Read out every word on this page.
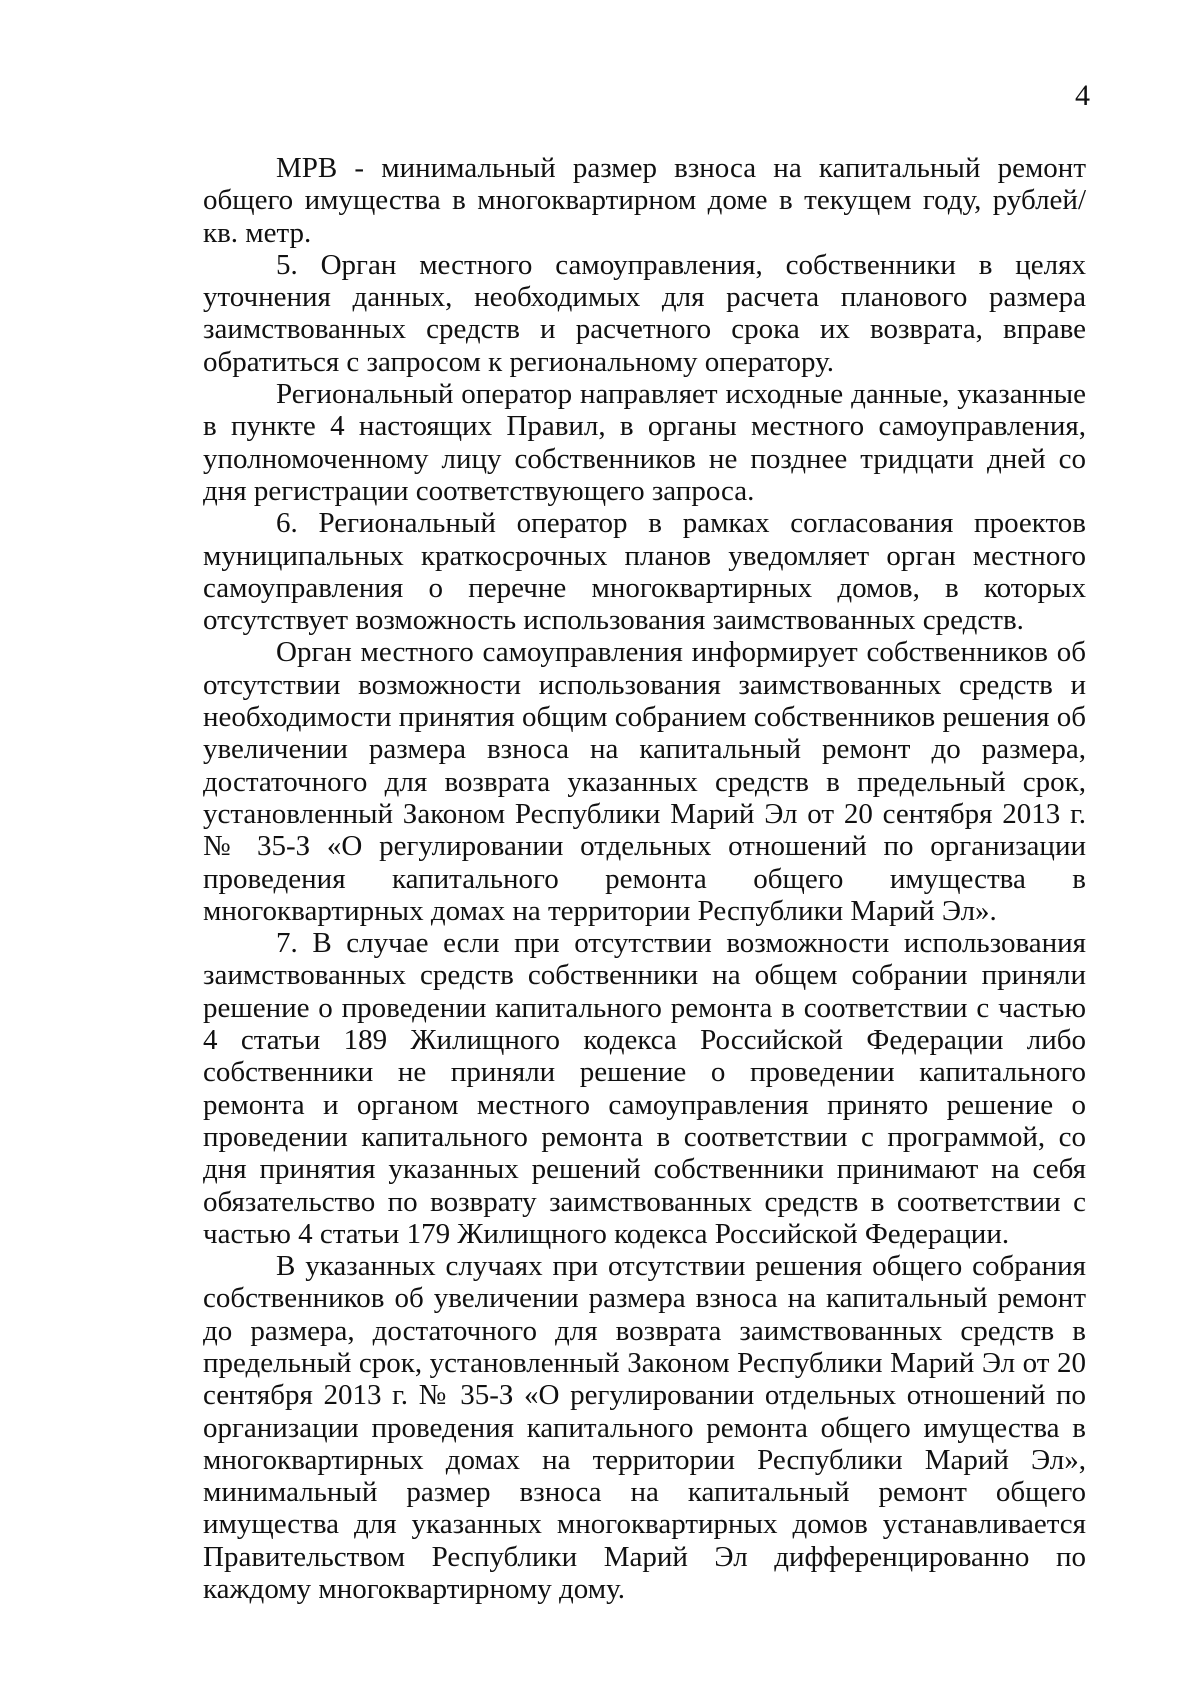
4

МРВ - минимальный размер взноса на капитальный ремонт общего имущества в многоквартирном доме в текущем году, рублей/кв. метр.

5. Орган местного самоуправления, собственники в целях уточнения данных, необходимых для расчета планового размера заимствованных средств и расчетного срока их возврата, вправе обратиться с запросом к региональному оператору.

Региональный оператор направляет исходные данные, указанные в пункте 4 настоящих Правил, в органы местного самоуправления, уполномоченному лицу собственников не позднее тридцати дней со дня регистрации соответствующего запроса.

6. Региональный оператор в рамках согласования проектов муниципальных краткосрочных планов уведомляет орган местного самоуправления о перечне многоквартирных домов, в которых отсутствует возможность использования заимствованных средств.

Орган местного самоуправления информирует собственников об отсутствии возможности использования заимствованных средств и необходимости принятия общим собранием собственников решения об увеличении размера взноса на капитальный ремонт до размера, достаточного для возврата указанных средств в предельный срок, установленный Законом Республики Марий Эл от 20 сентября 2013 г. № 35-З «О регулировании отдельных отношений по организации проведения капитального ремонта общего имущества в многоквартирных домах на территории Республики Марий Эл».

7. В случае если при отсутствии возможности использования заимствованных средств собственники на общем собрании приняли решение о проведении капитального ремонта в соответствии с частью 4 статьи 189 Жилищного кодекса Российской Федерации либо собственники не приняли решение о проведении капитального ремонта и органом местного самоуправления принято решение о проведении капитального ремонта в соответствии с программой, со дня принятия указанных решений собственники принимают на себя обязательство по возврату заимствованных средств в соответствии с частью 4 статьи 179 Жилищного кодекса Российской Федерации.

В указанных случаях при отсутствии решения общего собрания собственников об увеличении размера взноса на капитальный ремонт до размера, достаточного для возврата заимствованных средств в предельный срок, установленный Законом Республики Марий Эл от 20 сентября 2013 г. № 35-З «О регулировании отдельных отношений по организации проведения капитального ремонта общего имущества в многоквартирных домах на территории Республики Марий Эл», минимальный размер взноса на капитальный ремонт общего имущества для указанных многоквартирных домов устанавливается Правительством Республики Марий Эл дифференцированно по каждому многоквартирному дому.
